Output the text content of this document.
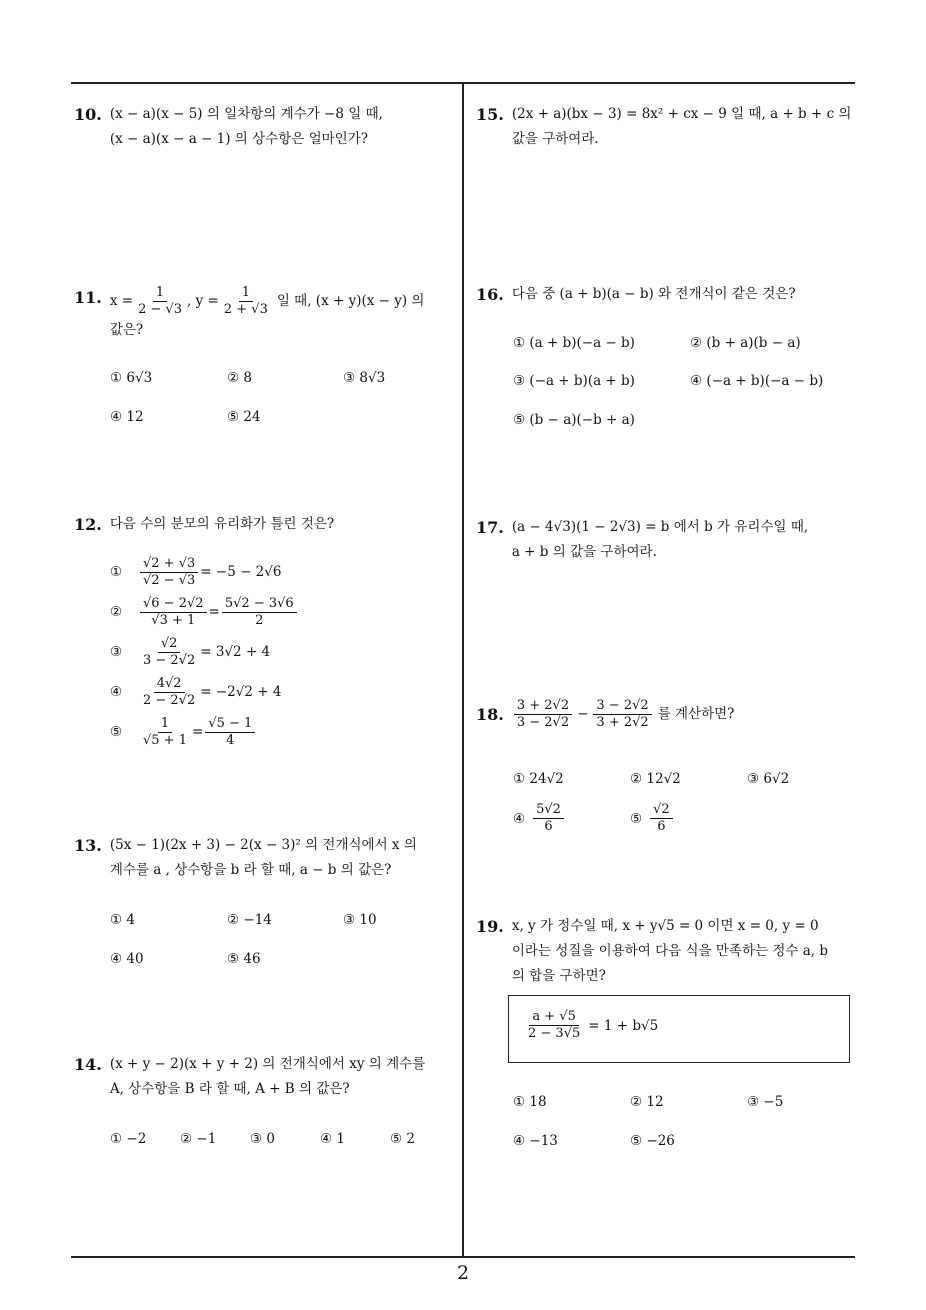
2
10. (x − a)(x − 5) 의 일차항의 계수가 −8 일 때,
(x − a)(x − a − 1) 의 상수항은 얼마인가?
11. $x = \frac{1}{2 - √3}$ , $y = \frac{1}{2 + √3}$ 일 때, (x + y)(x − y) 의
값은?
① 6√3	② 8	③ 8√3
④ 12	⑤ 24
12. 다음 수의 분모의 유리화가 틀린 것은?
①	$\frac{√2 + √3}{√2 - √3} = -5 - 2√6$
②	$\frac{√6 - 2√2}{√3 + 1} = \frac{5√2 - 3√6}{2}$
③	$\frac{√2}{3 - 2√2} = 3√2 + 4$
④	$\frac{4√2}{2 - 2√2} = -2√2 + 4$
⑤	$\frac{1}{√5 + 1} = \frac{√5 - 1}{4}$
13. (5x − 1)(2x + 3) − 2(x − 3)² 의 전개식에서 x 의
계수를 a , 상수항을 b 라 할 때, a − b 의 값은?
① 4	② −14	③ 10
④ 40	⑤ 46
14. (x + y − 2)(x + y + 2) 의 전개식에서 xy 의 계수를
A, 상수항을 B 라 할 때, A + B 의 값은?
① −2 ② −1 ③ 0	④ 1	⑤ 2
15. (2x + a)(bx − 3) = 8x² + cx − 9 일 때, a + b + c 의
값을 구하여라.
16. 다음 중 (a + b)(a − b) 와 전개식이 같은 것은?
① (a + b)(−a − b)	② (b + a)(b − a)
③ (−a + b)(a + b)	④ (−a + b)(−a − b)
⑤ (b − a)(−b + a)
17. (a − 4√3)(1 − 2√3) = b 에서 b 가 유리수일 때,
a + b 의 값을 구하여라.
18. $\frac{3 + 2√2}{3 - 2√2} - \frac{3 - 2√2}{3 + 2√2}$ 를 계산하면?
① 24√2	② 12√2	③ 6√2
④ $\frac{5√2}{6}$	⑤ $\frac{√2}{6}$
19. x, y 가 정수일 때, x + y√5 = 0 이면 x = 0, y = 0
이라는 성질을 이용하여 다음 식을 만족하는 정수 a, b
의 합을 구하면?
$\frac{a + √5}{2 - 3√5} = 1 + b√5$
① 18	② 12	③ −5
④ −13	⑤ −26
